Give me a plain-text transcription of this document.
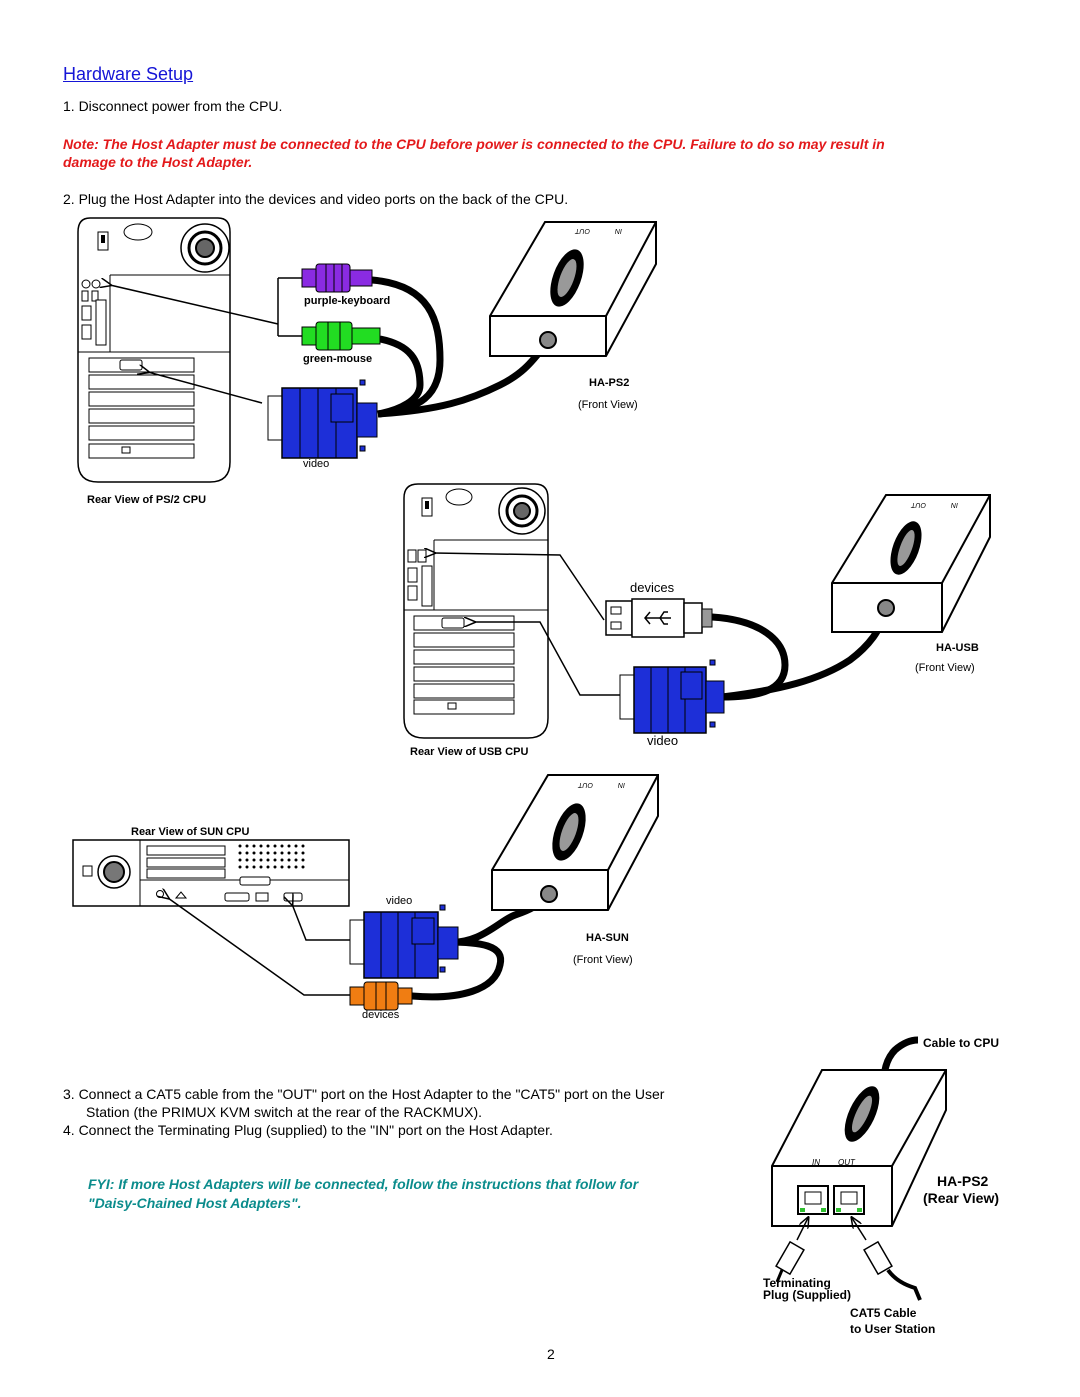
Hardware Setup
1. Disconnect power from the CPU.
Note: The Host Adapter must be connected to the CPU before power is connected to the CPU. Failure to do so may result in
damage to the Host Adapter.
2. Plug the Host Adapter into the devices and video ports on the back of the CPU.
3. Connect a CAT5 cable from the "OUT" port on the Host Adapter to the "CAT5" port on the User
Station (the PRIMUX KVM switch at the rear of the RACKMUX).
4. Connect the Terminating Plug (supplied) to the "IN" port on the Host Adapter.
FYI: If more Host Adapters will be connected, follow the instructions that follow for
"Daisy-Chained Host Adapters".
2
OUT	IN
purple-keyboard
green-mouse
video
Rear View of PS/2 CPU
HA-PS2
(Front View)
OUT	IN
devices
video
Rear View of USB CPU
HA-USB
(Front View)
OUT	IN
Rear View of SUN CPU
video
devices
HA-SUN
(Front View)
Cable to CPU
IN OUT
HA-PS2
(Rear View)
Terminating
Plug (Supplied)
CAT5 Cable
to User Station
